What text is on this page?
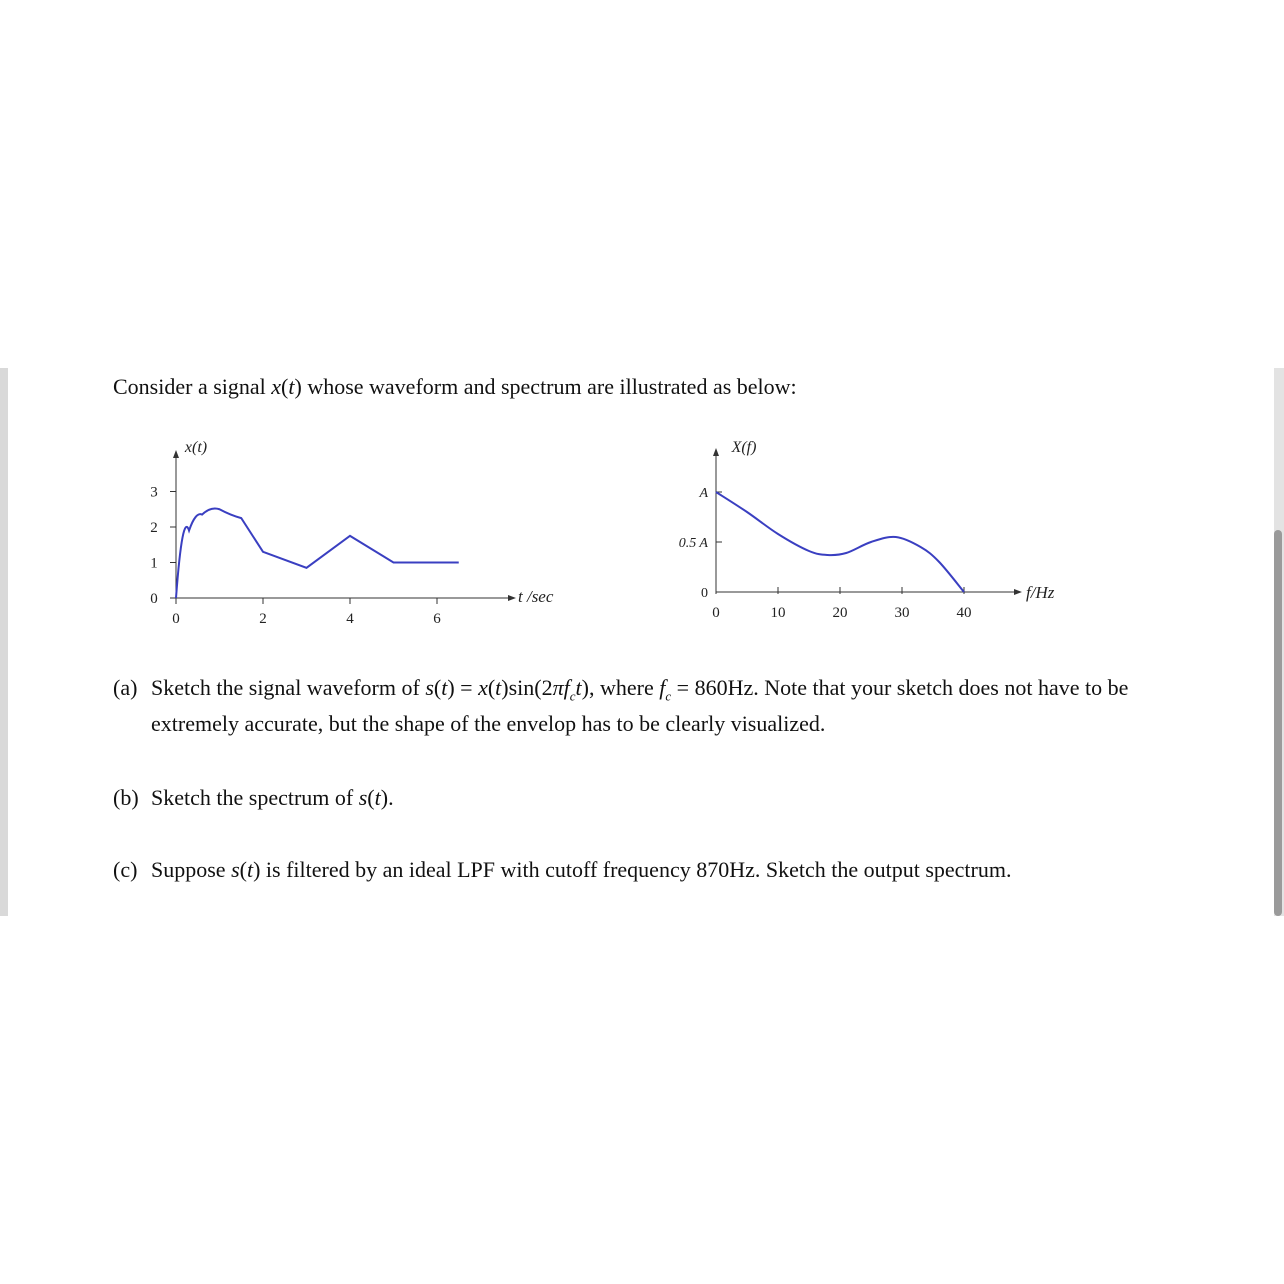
Consider a signal x(t) whose waveform and spectrum are illustrated as below:
x(t)
t /sec
0
1
2
3
0	2	4	6
X(f)
f/Hz
0
0.5 A
A
0	10	20	30	40
(a) Sketch the signal waveform of $s(t) = x(t)\sin(2\pi f_ct)$, where $f_c = 860Hz$. Note that your sketch does not have to be
extremely accurate, but the shape of the envelop has to be clearly visualized.
(b) Sketch the spectrum of s(t).
(c) Suppose s(t) is filtered by an ideal LPF with cutoff frequency 870Hz. Sketch the output spectrum.
